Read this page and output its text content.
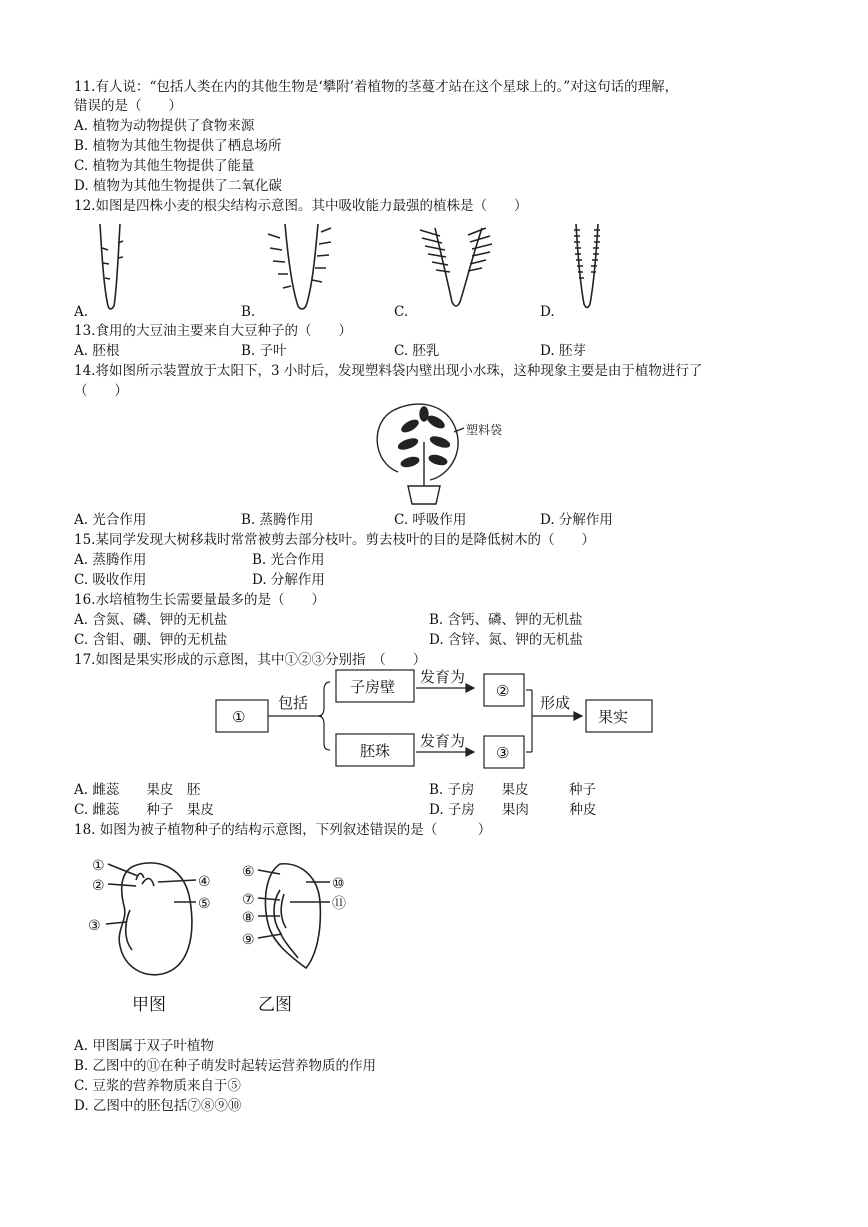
11.有人说：“包括人类在内的其他生物是‘攀附’着植物的茎蔓才站在这个星球上的。”对这句话的理解，
错误的是（　　）
A. 植物为动物提供了食物来源
B. 植物为其他生物提供了栖息场所
C. 植物为其他生物提供了能量
D. 植物为其他生物提供了二氧化碳
12.如图是四株小麦的根尖结构示意图。其中吸收能力最强的植株是（　　）
A.	B.	C.	D.
13.食用的大豆油主要来自大豆种子的（　　）
A. 胚根	B. 子叶	C. 胚乳	D. 胚芽
14.将如图所示装置放于太阳下，3 小时后，发现塑料袋内壁出现小水珠，这种现象主要是由于植物进行了
（　　）
塑料袋
A. 光合作用	B. 蒸腾作用	C. 呼吸作用	D. 分解作用
15.某同学发现大树移栽时常常被剪去部分枝叶。剪去枝叶的目的是降低树木的（　　）
A. 蒸腾作用	B. 光合作用
C. 吸收作用	D. 分解作用
16.水培植物生长需要量最多的是（　　）
A. 含氮、磷、钾的无机盐	B. 含钙、磷、钾的无机盐
C. 含钼、硼、钾的无机盐	D. 含锌、氮、钾的无机盐
17.如图是果实形成的示意图，其中①②③分别指　（　　）
①
包括
子房壁
胚珠
发育为
发育为
②
③
形成
果实
A. 雌蕊　　果皮　胚	B. 子房　　果皮　　　种子
C. 雌蕊　　种子　果皮	D. 子房　　果肉　　　种皮
18. 如图为被子植物种子的结构示意图，下列叙述错误的是（　　　）
①
②
③
④
⑤
⑥
⑦
⑧
⑨
⑩
⑪
甲图	乙图
A. 甲图属于双子叶植物
B. 乙图中的⑪在种子萌发时起转运营养物质的作用
C. 豆浆的营养物质来自于⑤
D. 乙图中的胚包括⑦⑧⑨⑩
